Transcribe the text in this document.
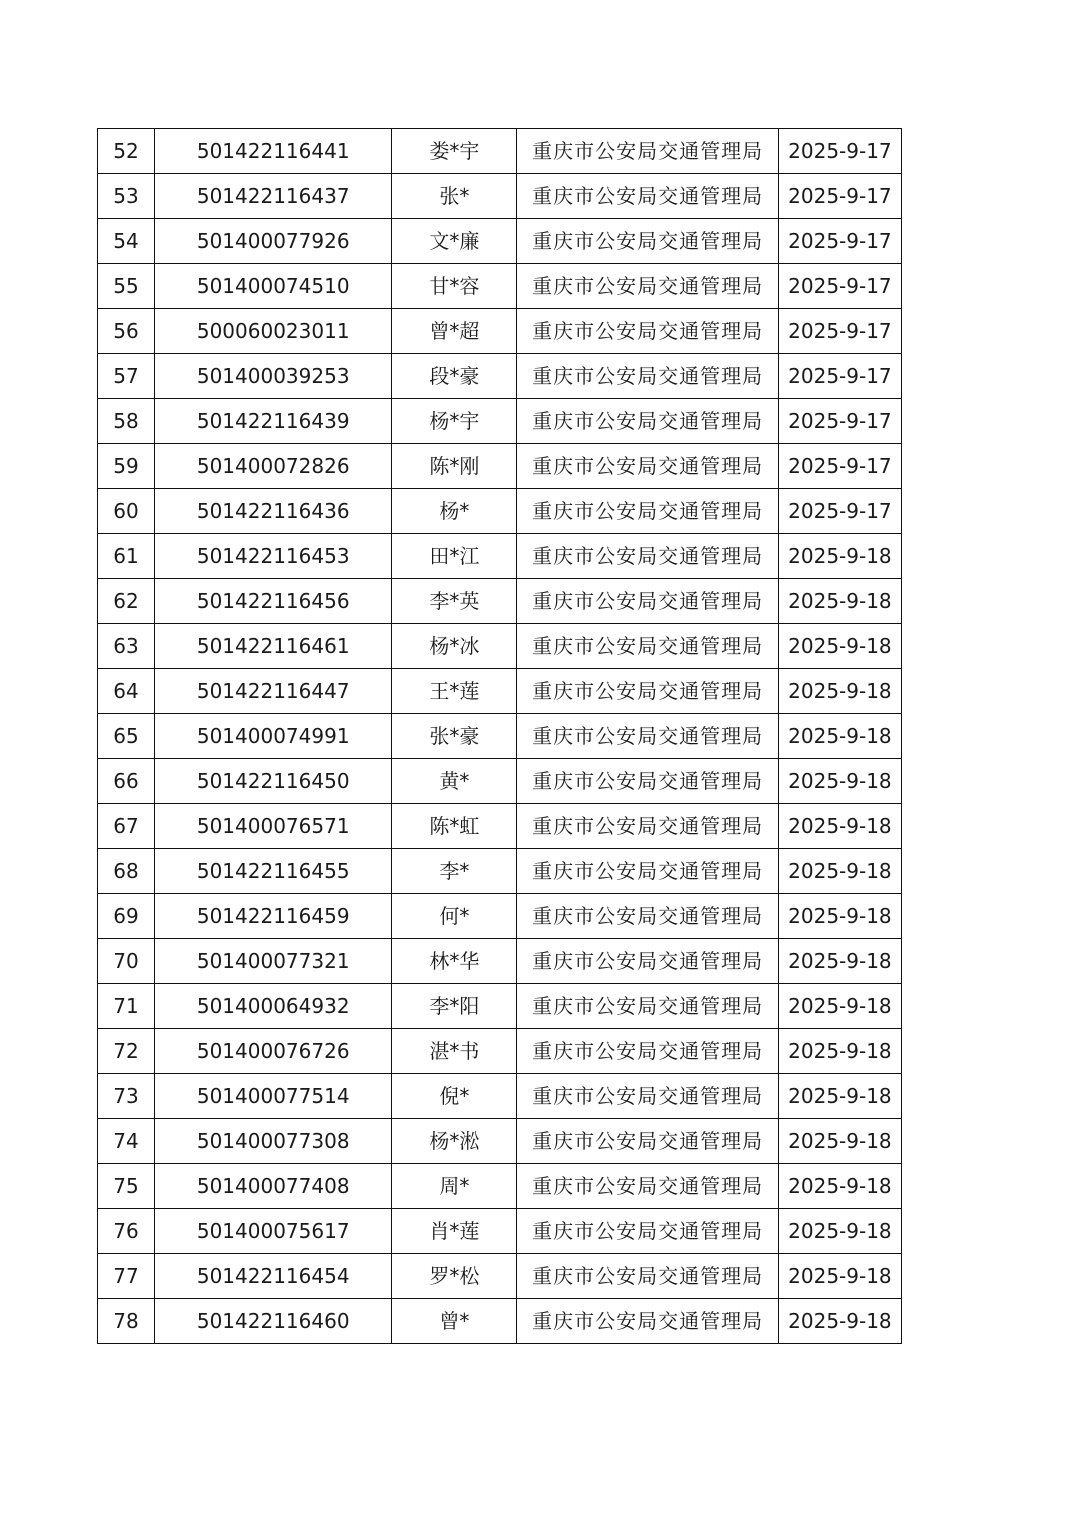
52	501422116441	娄*宇	重庆市公安局交通管理局	2025-9-17
53	501422116437	张*	重庆市公安局交通管理局	2025-9-17
54	501400077926	文*廉	重庆市公安局交通管理局	2025-9-17
55	501400074510	甘*容	重庆市公安局交通管理局	2025-9-17
56	500060023011	曾*超	重庆市公安局交通管理局	2025-9-17
57	501400039253	段*豪	重庆市公安局交通管理局	2025-9-17
58	501422116439	杨*宇	重庆市公安局交通管理局	2025-9-17
59	501400072826	陈*刚	重庆市公安局交通管理局	2025-9-17
60	501422116436	杨*	重庆市公安局交通管理局	2025-9-17
61	501422116453	田*江	重庆市公安局交通管理局	2025-9-18
62	501422116456	李*英	重庆市公安局交通管理局	2025-9-18
63	501422116461	杨*冰	重庆市公安局交通管理局	2025-9-18
64	501422116447	王*莲	重庆市公安局交通管理局	2025-9-18
65	501400074991	张*豪	重庆市公安局交通管理局	2025-9-18
66	501422116450	黄*	重庆市公安局交通管理局	2025-9-18
67	501400076571	陈*虹	重庆市公安局交通管理局	2025-9-18
68	501422116455	李*	重庆市公安局交通管理局	2025-9-18
69	501422116459	何*	重庆市公安局交通管理局	2025-9-18
70	501400077321	林*华	重庆市公安局交通管理局	2025-9-18
71	501400064932	李*阳	重庆市公安局交通管理局	2025-9-18
72	501400076726	湛*书	重庆市公安局交通管理局	2025-9-18
73	501400077514	倪*	重庆市公安局交通管理局	2025-9-18
74	501400077308	杨*淞	重庆市公安局交通管理局	2025-9-18
75	501400077408	周*	重庆市公安局交通管理局	2025-9-18
76	501400075617	肖*莲	重庆市公安局交通管理局	2025-9-18
77	501422116454	罗*松	重庆市公安局交通管理局	2025-9-18
78	501422116460	曾*	重庆市公安局交通管理局	2025-9-18
